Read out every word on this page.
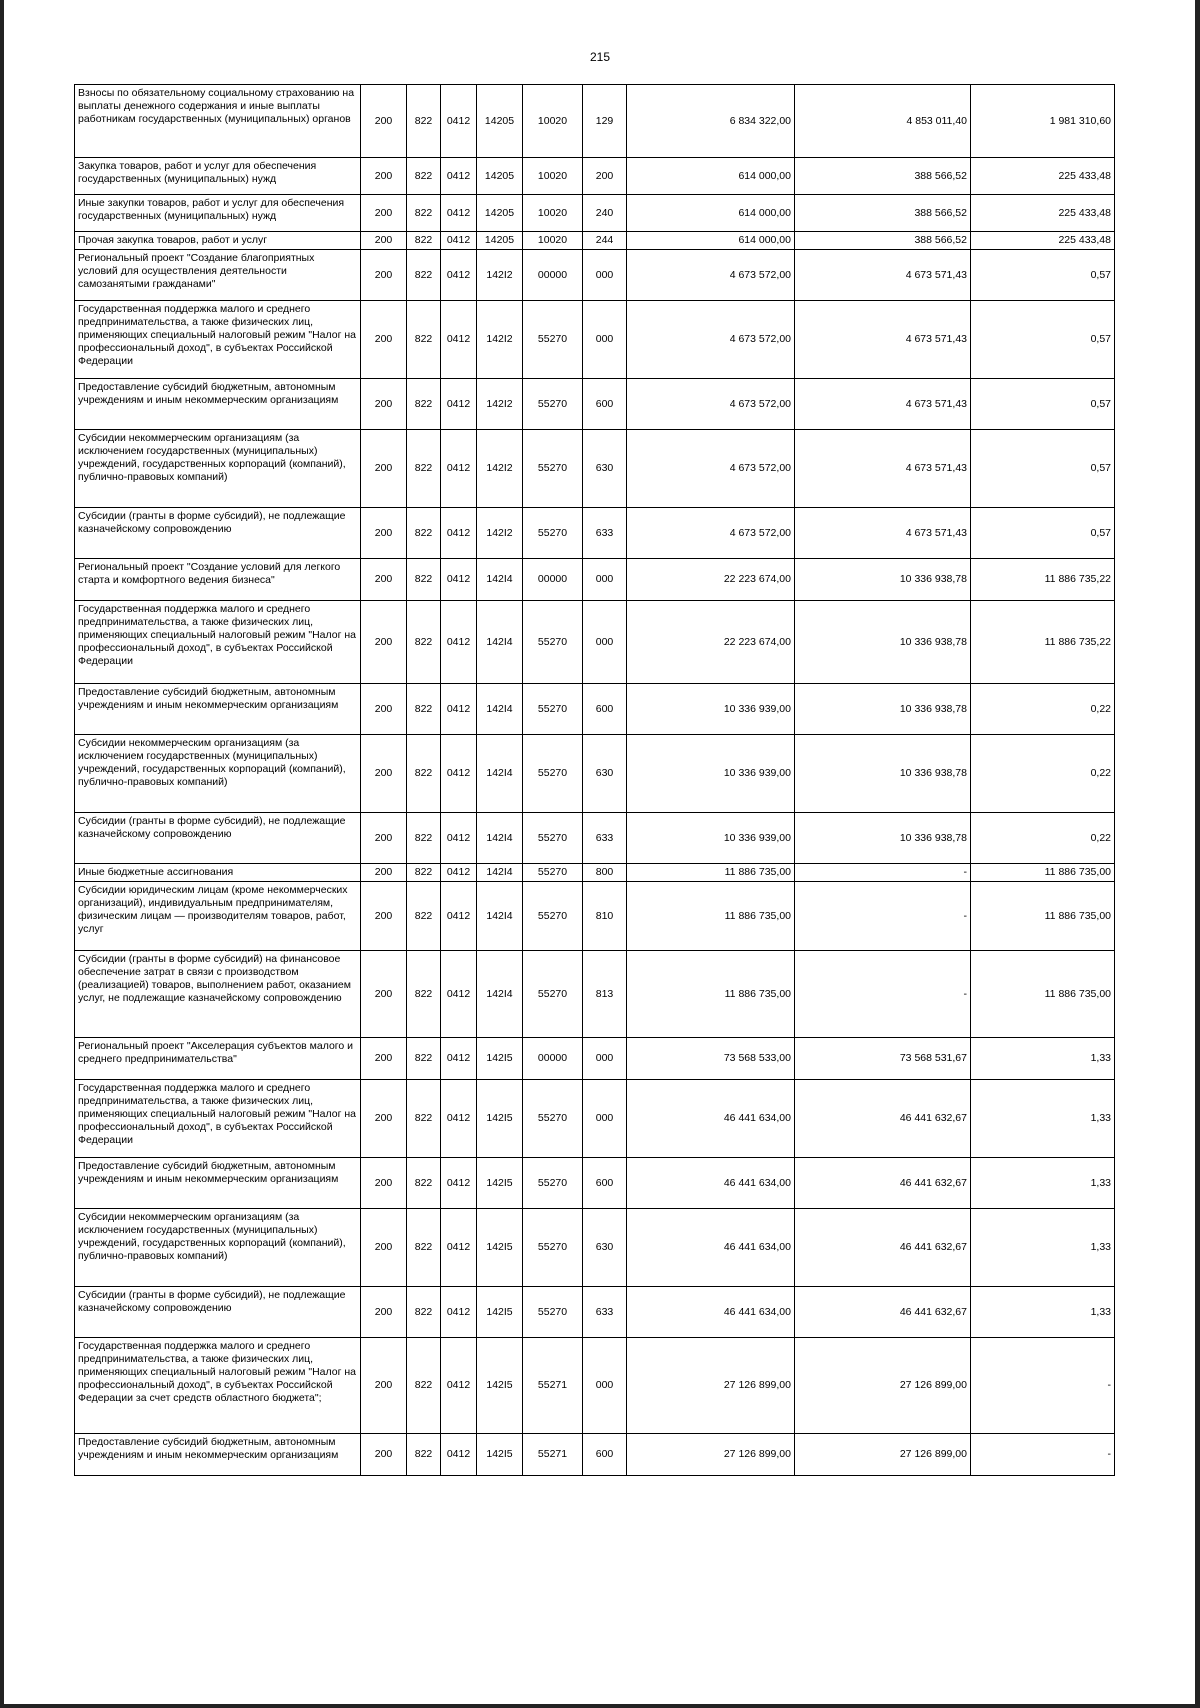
215
Взносы по обязательному социальному страхованию на выплаты денежного содержания и иные выплаты работникам государственных (муниципальных) органов	200	822	0412	14205	10020	129	6 834 322,00	4 853 011,40	1 981 310,60
Закупка товаров, работ и услуг для обеспечения государственных (муниципальных) нужд	200	822	0412	14205	10020	200	614 000,00	388 566,52	225 433,48
Иные закупки товаров, работ и услуг для обеспечения государственных (муниципальных) нужд	200	822	0412	14205	10020	240	614 000,00	388 566,52	225 433,48
Прочая закупка товаров, работ и услуг	200	822	0412	14205	10020	244	614 000,00	388 566,52	225 433,48
Региональный проект "Создание благоприятных условий для осуществления деятельности самозанятыми гражданами"	200	822	0412	142I2	00000	000	4 673 572,00	4 673 571,43	0,57
Государственная поддержка малого и среднего предпринимательства, а также физических лиц, применяющих специальный налоговый режим "Налог на профессиональный доход", в субъектах Российской Федерации	200	822	0412	142I2	55270	000	4 673 572,00	4 673 571,43	0,57
Предоставление субсидий бюджетным, автономным учреждениям и иным некоммерческим организациям	200	822	0412	142I2	55270	600	4 673 572,00	4 673 571,43	0,57
Субсидии некоммерческим организациям (за исключением государственных (муниципальных) учреждений, государственных корпораций (компаний), публично-правовых компаний)	200	822	0412	142I2	55270	630	4 673 572,00	4 673 571,43	0,57
Субсидии (гранты в форме субсидий), не подлежащие казначейскому сопровождению	200	822	0412	142I2	55270	633	4 673 572,00	4 673 571,43	0,57
Региональный проект "Создание условий для легкого старта и комфортного ведения бизнеса"	200	822	0412	142I4	00000	000	22 223 674,00	10 336 938,78	11 886 735,22
Государственная поддержка малого и среднего предпринимательства, а также физических лиц, применяющих специальный налоговый режим "Налог на профессиональный доход", в субъектах Российской Федерации	200	822	0412	142I4	55270	000	22 223 674,00	10 336 938,78	11 886 735,22
Предоставление субсидий бюджетным, автономным учреждениям и иным некоммерческим организациям	200	822	0412	142I4	55270	600	10 336 939,00	10 336 938,78	0,22
Субсидии некоммерческим организациям (за исключением государственных (муниципальных) учреждений, государственных корпораций (компаний), публично-правовых компаний)	200	822	0412	142I4	55270	630	10 336 939,00	10 336 938,78	0,22
Субсидии (гранты в форме субсидий), не подлежащие казначейскому сопровождению	200	822	0412	142I4	55270	633	10 336 939,00	10 336 938,78	0,22
Иные бюджетные ассигнования	200	822	0412	142I4	55270	800	11 886 735,00	-	11 886 735,00
Субсидии юридическим лицам (кроме некоммерческих организаций), индивидуальным предпринимателям, физическим лицам — производителям товаров, работ, услуг	200	822	0412	142I4	55270	810	11 886 735,00	-	11 886 735,00
Субсидии (гранты в форме субсидий) на финансовое обеспечение затрат в связи с производством (реализацией) товаров, выполнением работ, оказанием услуг, не подлежащие казначейскому сопровождению	200	822	0412	142I4	55270	813	11 886 735,00	-	11 886 735,00
Региональный проект "Акселерация субъектов малого и среднего предпринимательства"	200	822	0412	142I5	00000	000	73 568 533,00	73 568 531,67	1,33
Государственная поддержка малого и среднего предпринимательства, а также физических лиц, применяющих специальный налоговый режим "Налог на профессиональный доход", в субъектах Российской Федерации	200	822	0412	142I5	55270	000	46 441 634,00	46 441 632,67	1,33
Предоставление субсидий бюджетным, автономным учреждениям и иным некоммерческим организациям	200	822	0412	142I5	55270	600	46 441 634,00	46 441 632,67	1,33
Субсидии некоммерческим организациям (за исключением государственных (муниципальных) учреждений, государственных корпораций (компаний), публично-правовых компаний)	200	822	0412	142I5	55270	630	46 441 634,00	46 441 632,67	1,33
Субсидии (гранты в форме субсидий), не подлежащие казначейскому сопровождению	200	822	0412	142I5	55270	633	46 441 634,00	46 441 632,67	1,33
Государственная поддержка малого и среднего предпринимательства, а также физических лиц, применяющих специальный налоговый режим "Налог на профессиональный доход", в субъектах Российской Федерации за счет средств областного бюджета";	200	822	0412	142I5	55271	000	27 126 899,00	27 126 899,00	-
Предоставление субсидий бюджетным, автономным учреждениям и иным некоммерческим организациям	200	822	0412	142I5	55271	600	27 126 899,00	27 126 899,00	-
